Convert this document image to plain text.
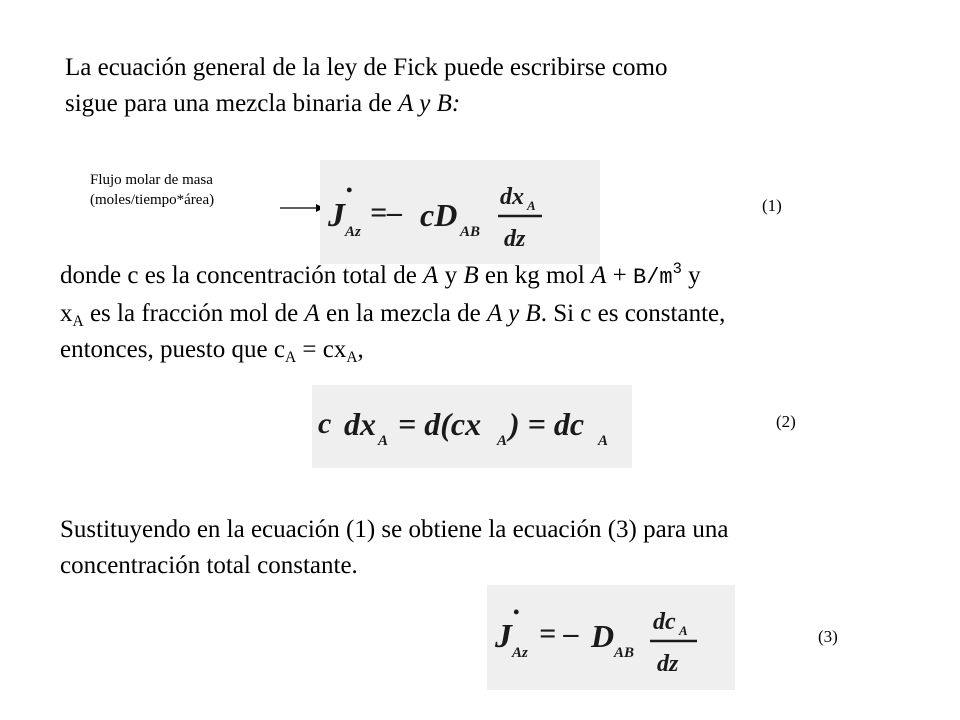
La ecuación general de la ley de Fick puede escribirse como
sigue para una mezcla binaria de A y B:
Flujo molar de masa
(moles/tiempo*área)	J
•
Az
=– cD AB
dx A
dz
(1)
donde c es la concentración total de A y B en kg mol $A + B/m^3$ y
$x_A$ es la fracción mol de A en la mezcla de A y B. Si c es constante,
entonces, puesto que $c_A = cx_A$,
c dx A = d(cx A ) = dc A
(2)
Sustituyendo en la ecuación (1) se obtiene la ecuación (3) para una
concentración total constante.
J
•
Az
= – D AB
dc A
dz
(3)
